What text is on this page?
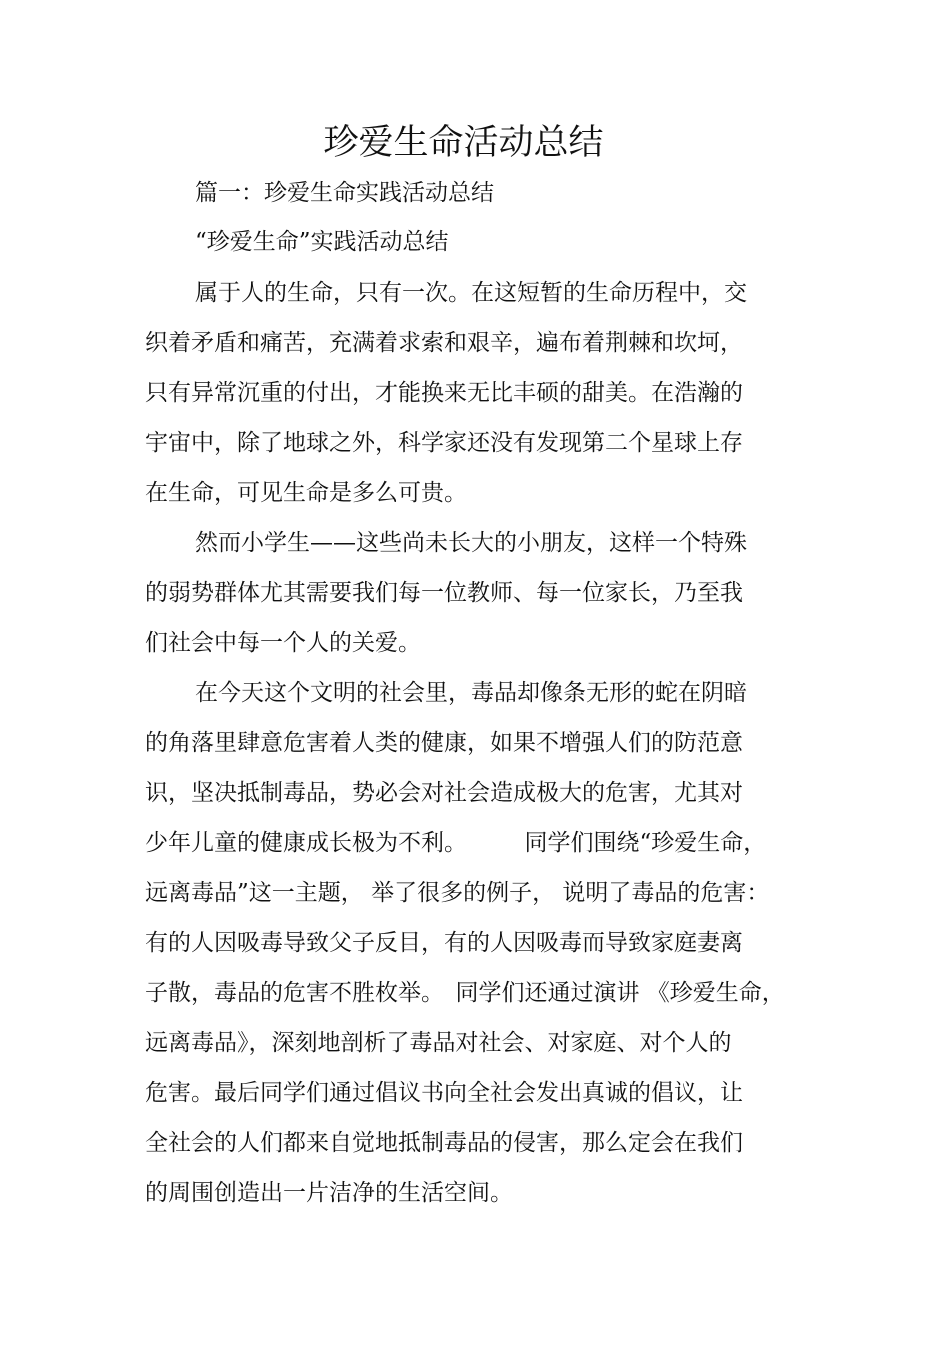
珍爱生命活动总结
篇一：珍爱生命实践活动总结
“珍爱生命”实践活动总结
属于人的生命，只有一次。在这短暂的生命历程中，交
织着矛盾和痛苦，充满着求索和艰辛，遍布着荆棘和坎坷，
只有异常沉重的付出，才能换来无比丰硕的甜美。在浩瀚的
宇宙中，除了地球之外，科学家还没有发现第二个星球上存
在生命，可见生命是多么可贵。
然而小学生——这些尚未长大的小朋友，这样一个特殊
的弱势群体尤其需要我们每一位教师、每一位家长，乃至我
们社会中每一个人的关爱。
在今天这个文明的社会里，毒品却像条无形的蛇在阴暗
的角落里肆意危害着人类的健康，如果不增强人们的防范意
识，坚决抵制毒品，势必会对社会造成极大的危害，尤其对
少年儿童的健康成长极为不利。　　　同学们围绕“珍爱生命，
远离毒品”这一主题， 举了很多的例子， 说明了毒品的危害：
有的人因吸毒导致父子反目，有的人因吸毒而导致家庭妻离
子散，毒品的危害不胜枚举。　同学们还通过演讲 《珍爱生命，
远离毒品》，深刻地剖析了毒品对社会、对家庭、对个人的
危害。最后同学们通过倡议书向全社会发出真诚的倡议，让
全社会的人们都来自觉地抵制毒品的侵害，那么定会在我们
的周围创造出一片洁净的生活空间。
